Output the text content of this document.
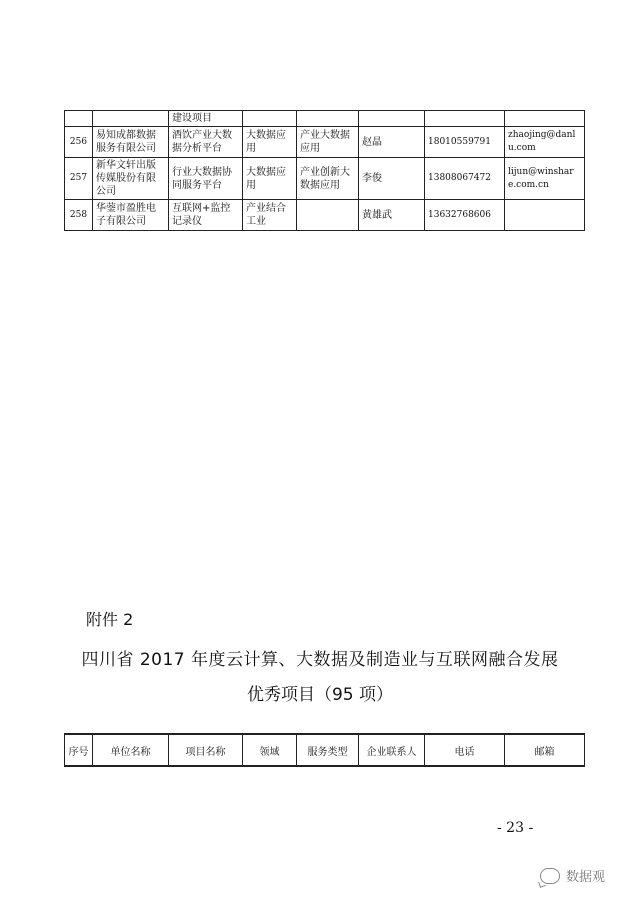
		建设项目					
256	易知成都数据服务有限公司	酒饮产业大数据分析平台	大数据应用	产业大数据应用	赵晶	18010559791	zhaojing@danlu.com
257	新华文轩出版传媒股份有限公司	行业大数据协同服务平台	大数据应用	产业创新大数据应用	李俊	13808067472	lijun@winshare.com.cn
258	华蓥市盈胜电子有限公司	互联网+监控记录仪	产业结合工业		黄雄武	13632768606	
附件 2
四川省 2017 年度云计算、大数据及制造业与互联网融合发展
优秀项目（95 项）
序号	单位名称	项目名称	领域	服务类型	企业联系人	电话	邮箱
- 23 -
数据观
